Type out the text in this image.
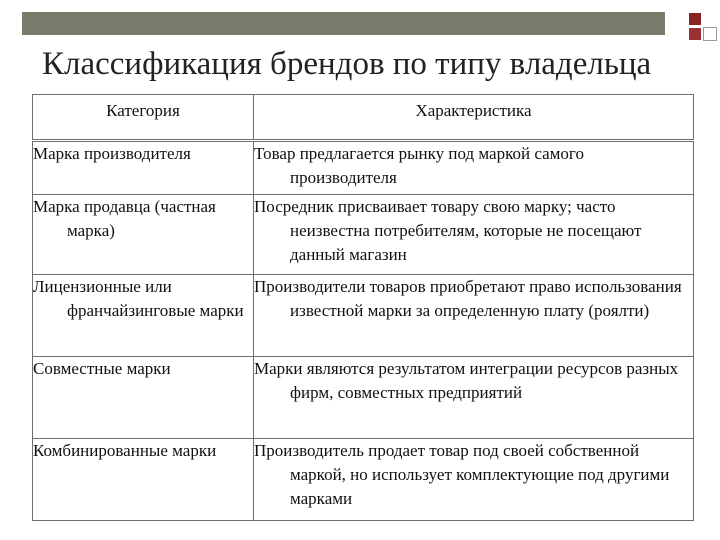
Классификация брендов по типу владельца
Категория	Характеристика

Марка производителя	Товар предлагается рынку под маркой самого производителя

Марка продавца (частная марка)	Посредник присваивает товару свою марку; часто неизвестна потребителям, которые не посещают данный магазин

Лицензионные или франчайзинговые марки	Производители товаров приобретают право использования известной марки за определенную плату (роялти)

Совместные марки	Марки являются результатом интеграции ресурсов разных фирм, совместных предприятий

Комбинированные марки	Производитель продает товар под своей собственной маркой, но использует комплектующие под другими марками
